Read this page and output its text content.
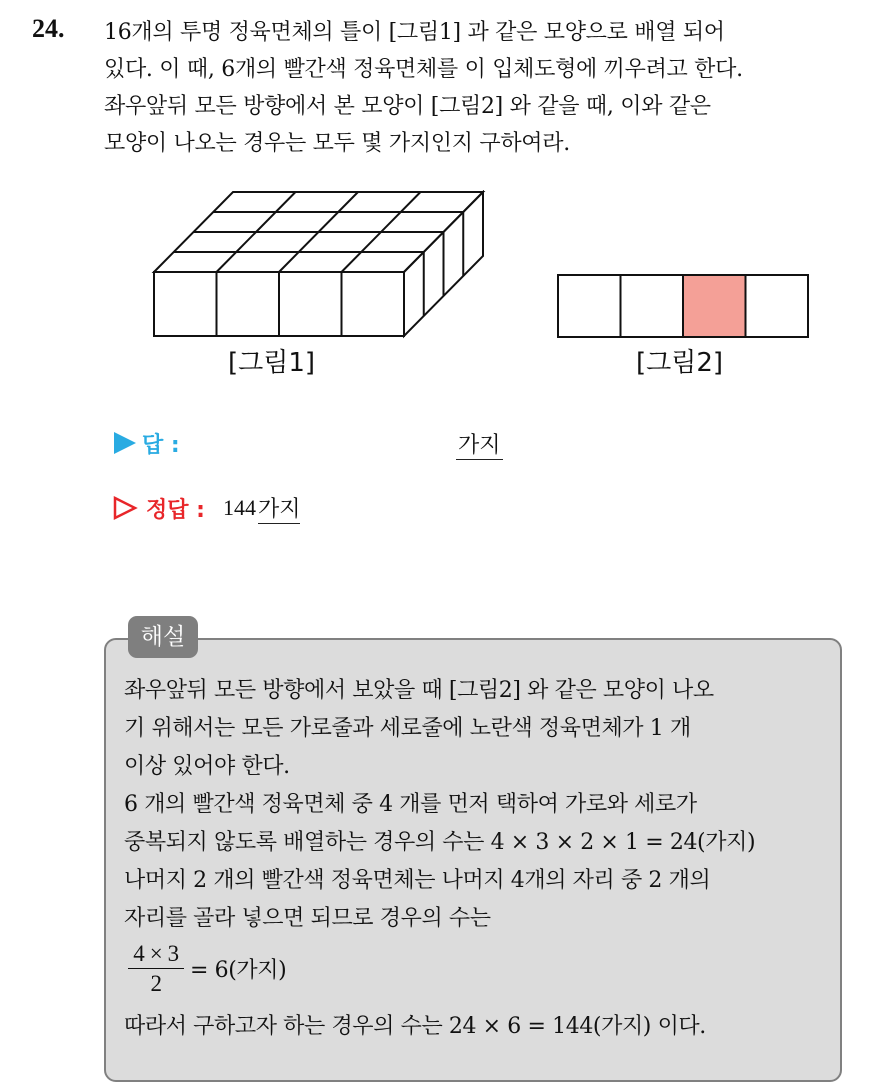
24. 16개의 투명 정육면체의 틀이 [그림1] 과 같은 모양으로 배열 되어
있다. 이 때, 6개의 빨간색 정육면체를 이 입체도형에 끼우려고 한다.
좌우앞뒤 모든 방향에서 본 모양이 [그림2] 와 같을 때, 이와 같은
모양이 나오는 경우는 모두 몇 가지인지 구하여라.
[그림1]	[그림2]
답 :	가지
정답 : 144 가지
해설
좌우앞뒤 모든 방향에서 보았을 때 [그림2] 와 같은 모양이 나오
기 위해서는 모든 가로줄과 세로줄에 노란색 정육면체가 1 개
이상 있어야 한다.
6 개의 빨간색 정육면체 중 4 개를 먼저 택하여 가로와 세로가
중복되지 않도록 배열하는 경우의 수는 4 × 3 × 2 × 1 = 24(가지)
나머지 2 개의 빨간색 정육면체는 나머지 4개의 자리 중 2 개의
자리를 골라 넣으면 되므로 경우의 수는
$\frac{4 \times 3}{2} = 6$(가지)
따라서 구하고자 하는 경우의 수는 24 × 6 = 144(가지) 이다.
